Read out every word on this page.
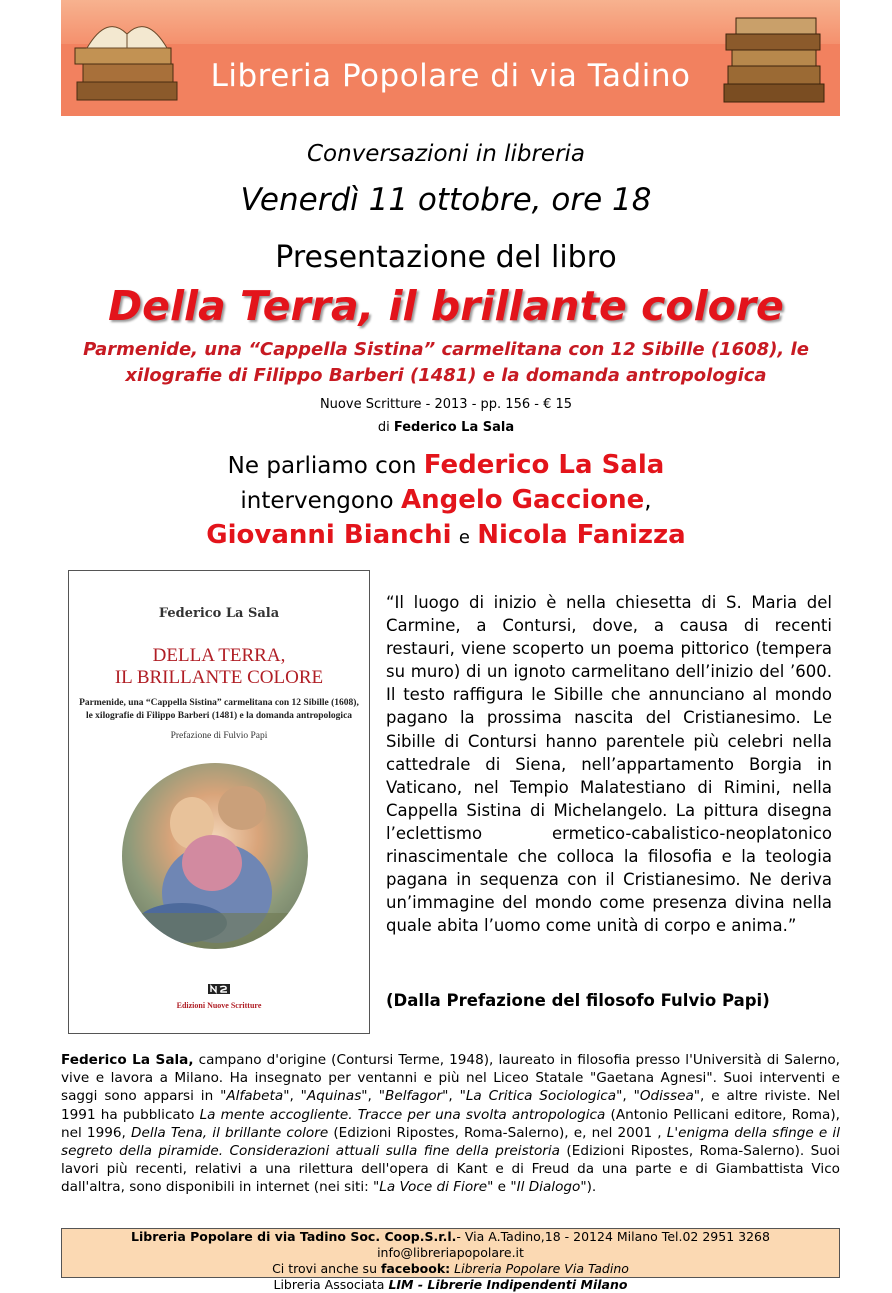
Libreria Popolare di via Tadino
Conversazioni in libreria
Venerdì 11 ottobre, ore 18
Presentazione del libro
Della Terra, il brillante colore
Parmenide, una “Cappella Sistina” carmelitana con 12 Sibille (1608), le xilografie di Filippo Barberi (1481) e la domanda antropologica
Nuove Scritture - 2013 - pp. 156 - € 15
di Federico La Sala
Ne parliamo con Federico La Sala
intervengono Angelo Gaccione,
Giovanni Bianchi e Nicola Fanizza
Federico La Sala
DELLA TERRA,
IL BRILLANTE COLORE
Parmenide, una “Cappella Sistina” carmelitana con 12 Sibille (1608),
le xilografie di Filippo Barberi (1481) e la domanda antropologica
Prefazione di Fulvio Papi
Edizioni Nuove Scritture
“Il luogo di inizio è nella chiesetta di S. Maria del Carmine, a Contursi, dove, a causa di recenti restauri, viene scoperto un poema pittorico (tempera su muro) di un ignoto carmelitano dell’inizio del ’600. Il testo raffigura le Sibille che annunciano al mondo pagano la prossima nascita del Cristianesimo. Le Sibille di Contursi hanno parentele più celebri nella cattedrale di Siena, nell’appartamento Borgia in Vaticano, nel Tempio Malatestiano di Rimini, nella Cappella Sistina di Michelangelo. La pittura disegna l’eclettismo ermetico-cabalistico-neoplatonico rinascimentale che colloca la filosofia e la teologia pagana in sequenza con il Cristianesimo. Ne deriva un’immagine del mondo come presenza divina nella quale abita l’uomo come unità di corpo e anima.”
(Dalla Prefazione del filosofo Fulvio Papi)
Federico La Sala, campano d'origine (Contursi Terme, 1948), laureato in filosofia presso l'Università di Salerno, vive e lavora a Milano. Ha insegnato per ventanni e più nel Liceo Statale "Gaetana Agnesi". Suoi interventi e saggi sono apparsi in "Alfabeta", "Aquinas", "Belfagor", "La Critica Sociologica", "Odissea", e altre riviste. Nel 1991 ha pubblicato La mente accogliente. Tracce per una svolta antropologica (Antonio Pellicani editore, Roma), nel 1996, Della Tena, il brillante colore (Edizioni Ripostes, Roma-Salerno), e, nel 2001 , L'enigma della sfinge e il segreto della piramide. Considerazioni attuali sulla fine della preistoria (Edizioni Ripostes, Roma-Salerno). Suoi lavori più recenti, relativi a una rilettura dell'opera di Kant e di Freud da una parte e di Giambattista Vico dall'altra, sono disponibili in internet (nei siti: "La Voce di Fiore" e "Il Dialogo").
Libreria Popolare di via Tadino Soc. Coop.S.r.l.- Via A.Tadino,18 - 20124 Milano Tel.02 2951 3268 info@libreriapopolare.it
Ci trovi anche su facebook: Libreria Popolare Via Tadino
Libreria Associata LIM - Librerie Indipendenti Milano
